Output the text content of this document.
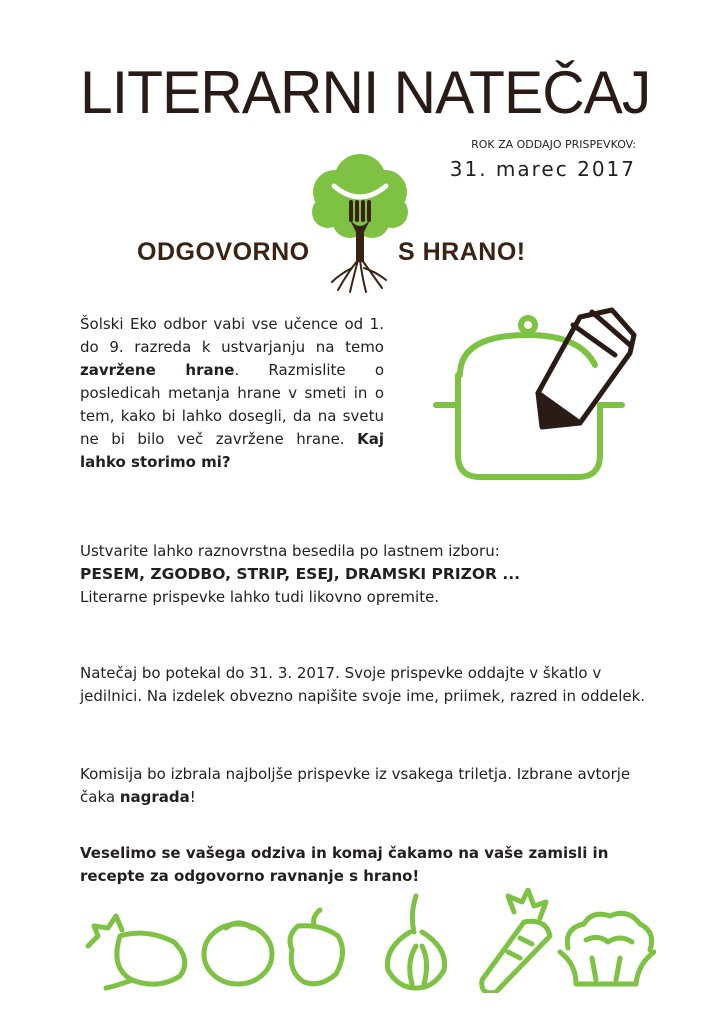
LITERARNI NATEČAJ
ROK ZA ODDAJO PRISPEVKOV:
31. marec 2017
ODGOVORNO	S HRANO!
Šolski Eko odbor vabi vse učence od 1. do 9. razreda k ustvarjanju na temo zavržene hrane. Razmislite o posledicah metanja hrane v smeti in o tem, kako bi lahko dosegli, da na svetu ne bi bilo več zavržene hrane. Kaj lahko storimo mi?
Ustvarite lahko raznovrstna besedila po lastnem izboru:
PESEM, ZGODBO, STRIP, ESEJ, DRAMSKI PRIZOR ...
Literarne prispevke lahko tudi likovno opremite.
Natečaj bo potekal do 31. 3. 2017. Svoje prispevke oddajte v škatlo v jedilnici. Na izdelek obvezno napišite svoje ime, priimek, razred in oddelek.
Komisija bo izbrala najboljše prispevke iz vsakega triletja. Izbrane avtorje čaka nagrada!
Veselimo se vašega odziva in komaj čakamo na vaše zamisli in recepte za odgovorno ravnanje s hrano!
